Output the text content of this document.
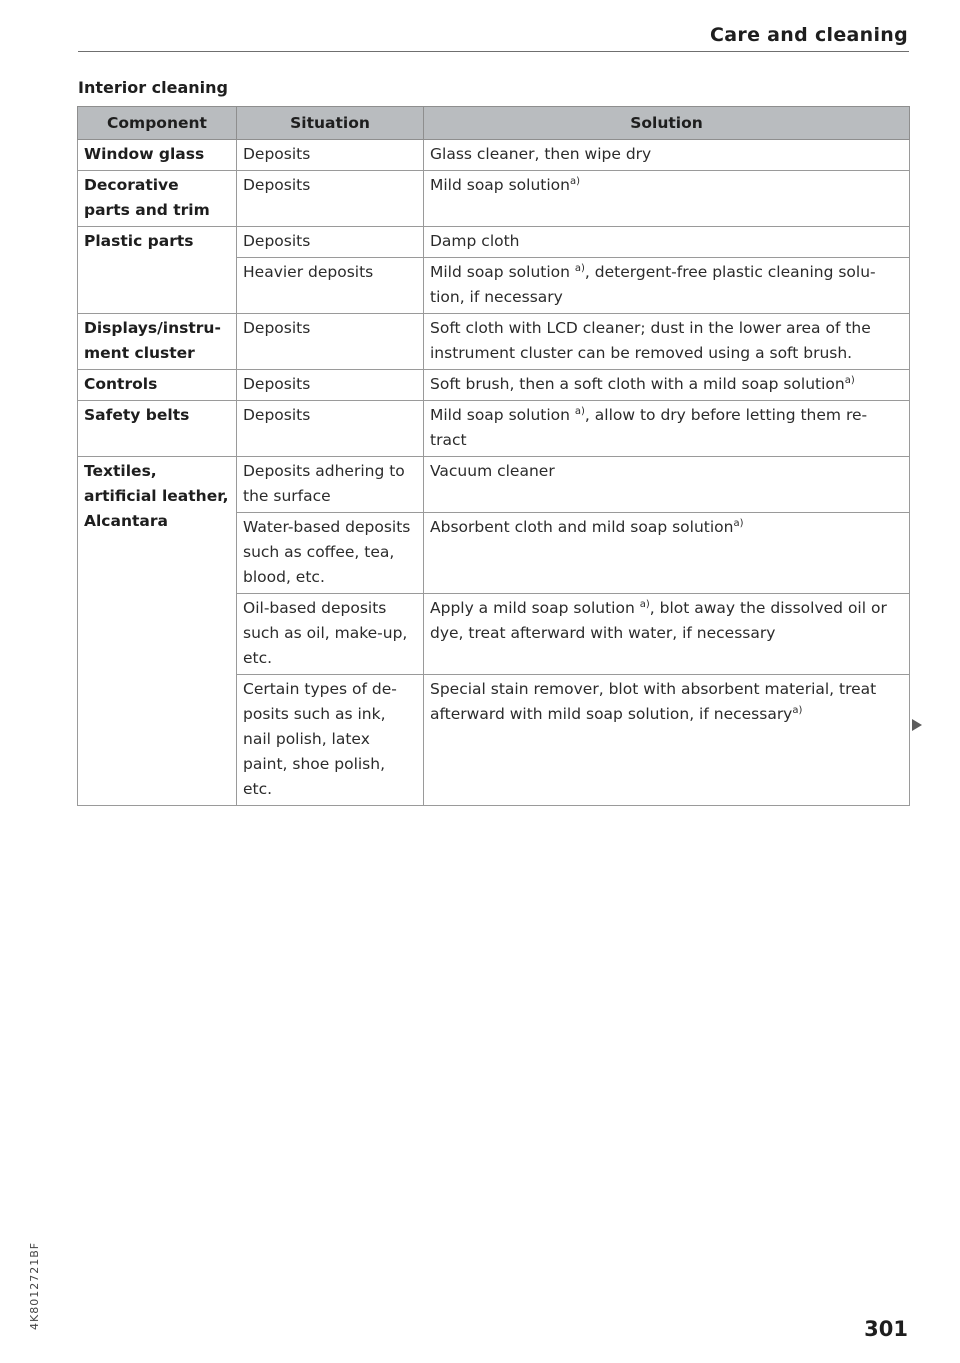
Care and cleaning
Interior cleaning
Component	Situation	Solution
Window glass	Deposits	Glass cleaner, then wipe dry
Decorative parts and trim	Deposits	Mild soap solution$^{a)}$
Plastic parts	Deposits	Damp cloth
	Heavier deposits	Mild soap solution $^{a)}$, detergent-free plastic cleaning solu-tion, if necessary
Displays/instru-ment cluster	Deposits	Soft cloth with LCD cleaner; dust in the lower area of the instrument cluster can be removed using a soft brush.
Controls	Deposits	Soft brush, then a soft cloth with a mild soap solution$^{a)}$
Safety belts	Deposits	Mild soap solution $^{a)}$, allow to dry before letting them re-tract
Textiles, artificial leather, Alcantara	Deposits adhering to the surface	Vacuum cleaner
	Water-based deposits such as coffee, tea, blood, etc.	Absorbent cloth and mild soap solution$^{a)}$
	Oil-based deposits such as oil, make-up, etc.	Apply a mild soap solution $^{a)}$, blot away the dissolved oil or dye, treat afterward with water, if necessary
	Certain types of de-posits such as ink, nail polish, latex paint, shoe polish, etc.	Special stain remover, blot with absorbent material, treat afterward with mild soap solution, if necessary$^{a)}$
301
4K8012721BF
